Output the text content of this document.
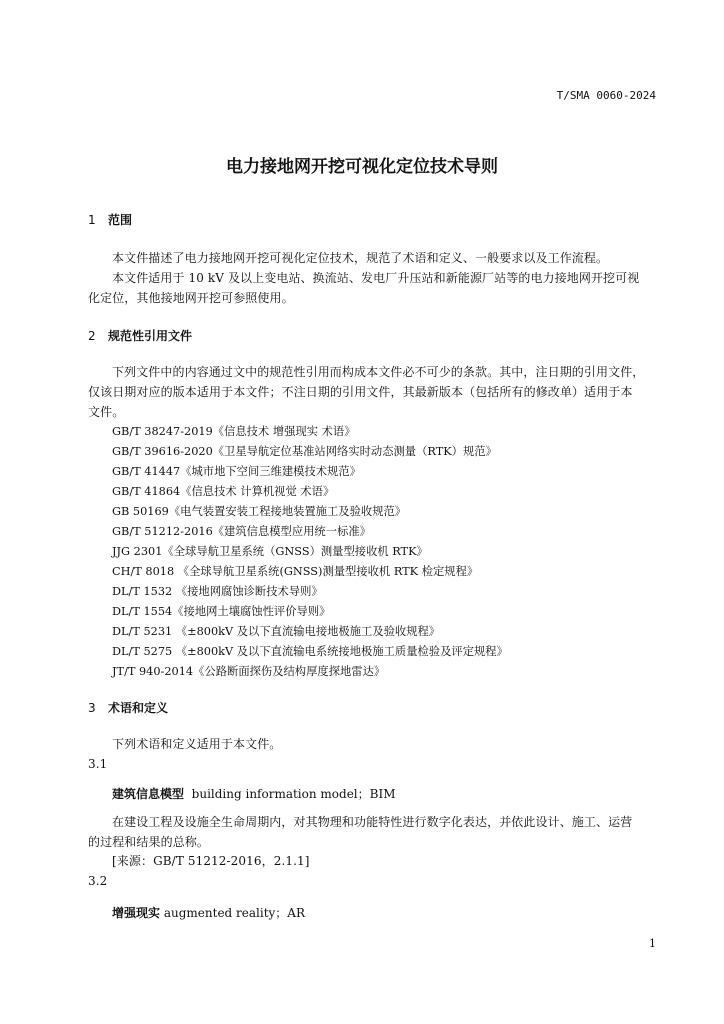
T/SMA 0060-2024
电力接地网开挖可视化定位技术导则
1 范围
本文件描述了电力接地网开挖可视化定位技术，规范了术语和定义、一般要求以及工作流程。
本文件适用于 10 kV 及以上变电站、换流站、发电厂升压站和新能源厂站等的电力接地网开挖可视
化定位，其他接地网开挖可参照使用。
2 规范性引用文件
下列文件中的内容通过文中的规范性引用而构成本文件必不可少的条款。其中，注日期的引用文件，
仅该日期对应的版本适用于本文件；不注日期的引用文件，其最新版本（包括所有的修改单）适用于本
文件。
GB/T 38247-2019《信息技术 增强现实 术语》
GB/T 39616-2020《卫星导航定位基准站网络实时动态测量（RTK）规范》
GB/T 41447《城市地下空间三维建模技术规范》
GB/T 41864《信息技术 计算机视觉 术语》
GB 50169《电气装置安装工程接地装置施工及验收规范》
GB/T 51212-2016《建筑信息模型应用统一标准》
JJG 2301《全球导航卫星系统（GNSS）测量型接收机 RTK》
CH/T 8018 《全球导航卫星系统(GNSS)测量型接收机 RTK 检定规程》
DL/T 1532 《接地网腐蚀诊断技术导则》
DL/T 1554《接地网土壤腐蚀性评价导则》
DL/T 5231 《±800kV 及以下直流输电接地极施工及验收规程》
DL/T 5275 《±800kV 及以下直流输电系统接地极施工质量检验及评定规程》
JT/T 940-2014《公路断面探伤及结构厚度探地雷达》
3 术语和定义
下列术语和定义适用于本文件。
3.1
建筑信息模型 building information model；BIM
在建设工程及设施全生命周期内，对其物理和功能特性进行数字化表达，并依此设计、施工、运营
的过程和结果的总称。
[来源：GB/T 51212-2016，2.1.1]
3.2
增强现实 augmented reality；AR
1
